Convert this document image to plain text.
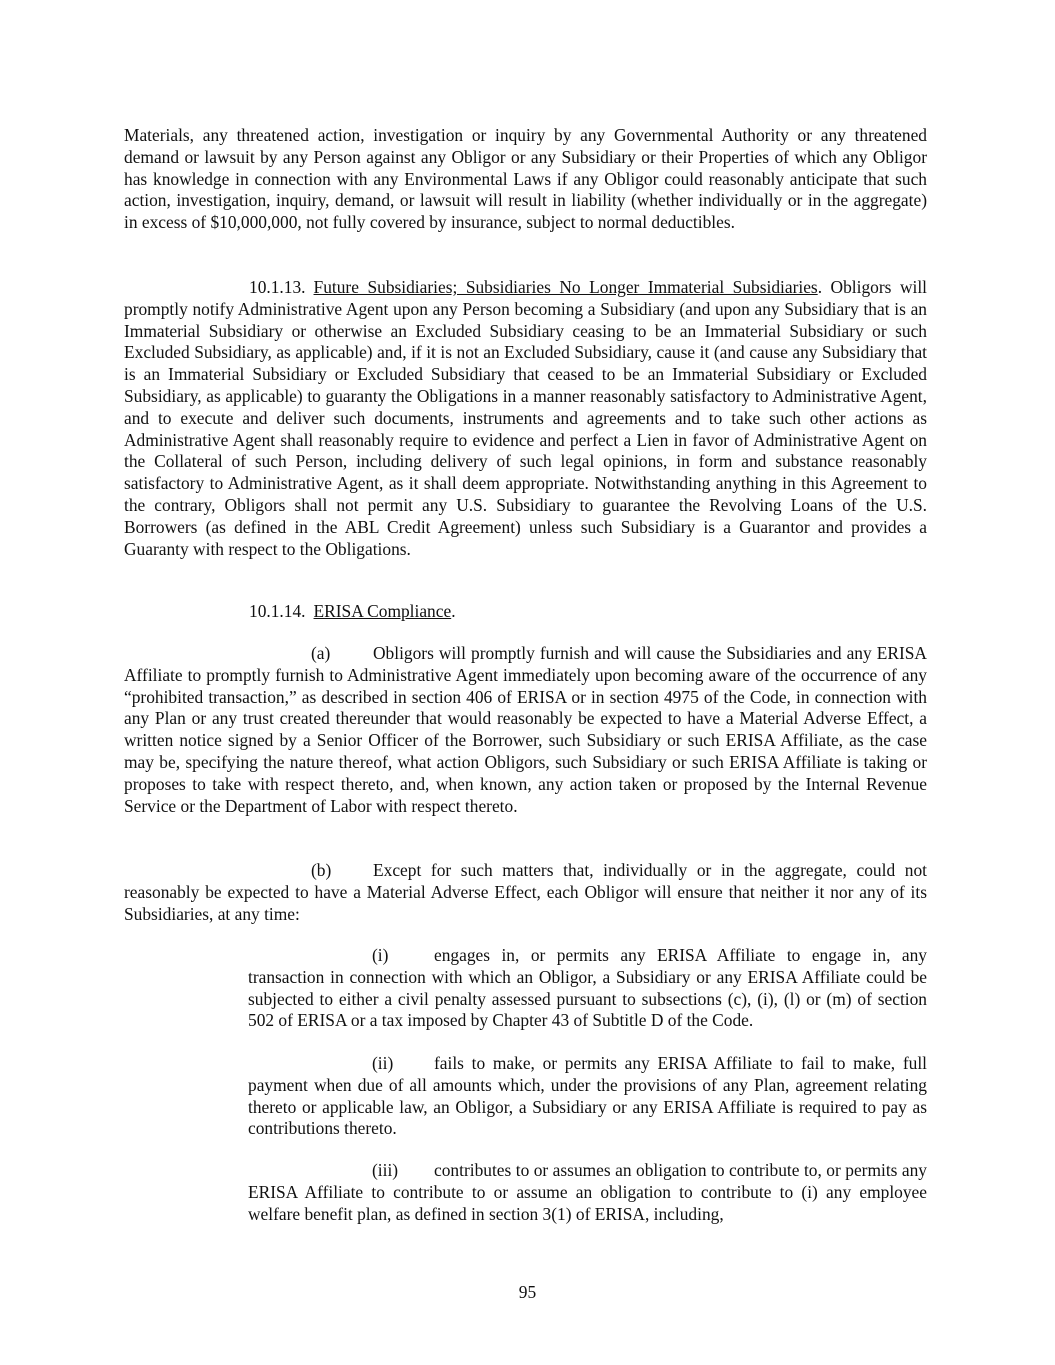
Materials, any threatened action, investigation or inquiry by any Governmental Authority or any threatened demand or lawsuit by any Person against any Obligor or any Subsidiary or their Properties of which any Obligor has knowledge in connection with any Environmental Laws if any Obligor could reasonably anticipate that such action, investigation, inquiry, demand, or lawsuit will result in liability (whether individually or in the aggregate) in excess of $10,000,000, not fully covered by insurance, subject to normal deductibles.

10.1.13. Future Subsidiaries; Subsidiaries No Longer Immaterial Subsidiaries. Obligors will promptly notify Administrative Agent upon any Person becoming a Subsidiary (and upon any Subsidiary that is an Immaterial Subsidiary or otherwise an Excluded Subsidiary ceasing to be an Immaterial Subsidiary or such Excluded Subsidiary, as applicable) and, if it is not an Excluded Subsidiary, cause it (and cause any Subsidiary that is an Immaterial Subsidiary or Excluded Subsidiary that ceased to be an Immaterial Subsidiary or Excluded Subsidiary, as applicable) to guaranty the Obligations in a manner reasonably satisfactory to Administrative Agent, and to execute and deliver such documents, instruments and agreements and to take such other actions as Administrative Agent shall reasonably require to evidence and perfect a Lien in favor of Administrative Agent on the Collateral of such Person, including delivery of such legal opinions, in form and substance reasonably satisfactory to Administrative Agent, as it shall deem appropriate. Notwithstanding anything in this Agreement to the contrary, Obligors shall not permit any U.S. Subsidiary to guarantee the Revolving Loans of the U.S. Borrowers (as defined in the ABL Credit Agreement) unless such Subsidiary is a Guarantor and provides a Guaranty with respect to the Obligations.

10.1.14. ERISA Compliance.

(a) Obligors will promptly furnish and will cause the Subsidiaries and any ERISA Affiliate to promptly furnish to Administrative Agent immediately upon becoming aware of the occurrence of any “prohibited transaction,” as described in section 406 of ERISA or in section 4975 of the Code, in connection with any Plan or any trust created thereunder that would reasonably be expected to have a Material Adverse Effect, a written notice signed by a Senior Officer of the Borrower, such Subsidiary or such ERISA Affiliate, as the case may be, specifying the nature thereof, what action Obligors, such Subsidiary or such ERISA Affiliate is taking or proposes to take with respect thereto, and, when known, any action taken or proposed by the Internal Revenue Service or the Department of Labor with respect thereto.

(b) Except for such matters that, individually or in the aggregate, could not reasonably be expected to have a Material Adverse Effect, each Obligor will ensure that neither it nor any of its Subsidiaries, at any time:

(i)	engages in, or permits any ERISA Affiliate to engage in, any transaction in connection with which an Obligor, a Subsidiary or any ERISA Affiliate could be subjected to either a civil penalty assessed pursuant to subsections (c), (i), (l) or (m) of section 502 of ERISA or a tax imposed by Chapter 43 of Subtitle D of the Code.

(ii) fails to make, or permits any ERISA Affiliate to fail to make, full payment when due of all amounts which, under the provisions of any Plan, agreement relating thereto or applicable law, an Obligor, a Subsidiary or any ERISA Affiliate is required to pay as contributions thereto.

(iii) contributes to or assumes an obligation to contribute to, or permits any ERISA Affiliate to contribute to or assume an obligation to contribute to (i) any employee welfare benefit plan, as defined in section 3(1) of ERISA, including,

95
